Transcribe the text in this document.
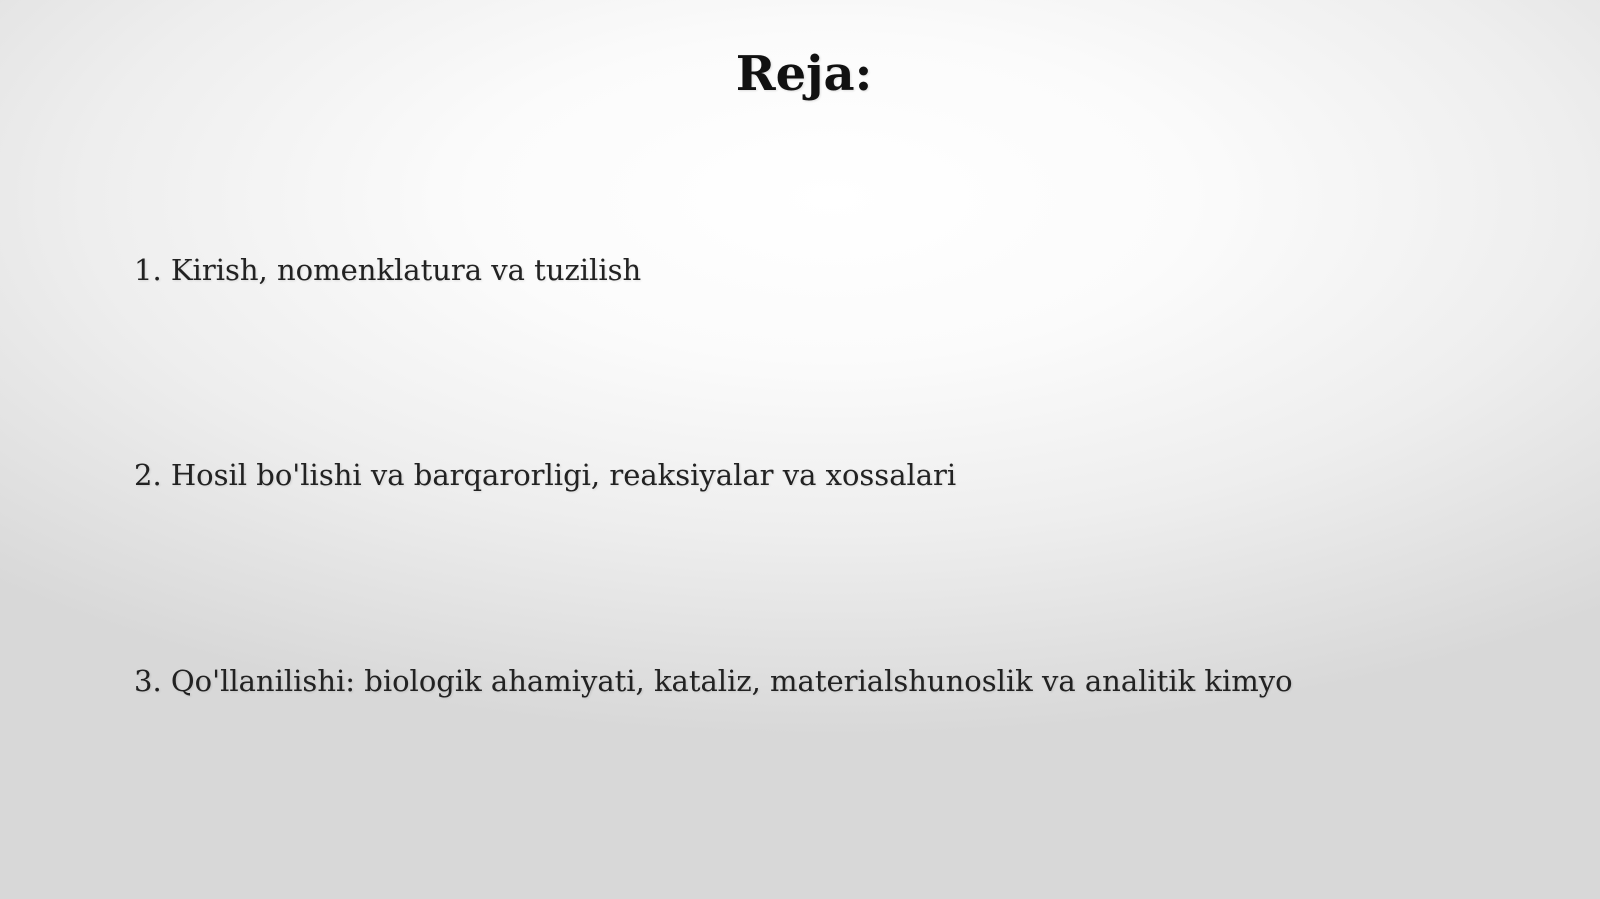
Reja:
1. Kirish, nomenklatura va tuzilish
2. Hosil bo'lishi va barqarorligi, reaksiyalar va xossalari
3. Qo'llanilishi: biologik ahamiyati, kataliz, materialshunoslik va analitik kimyo
